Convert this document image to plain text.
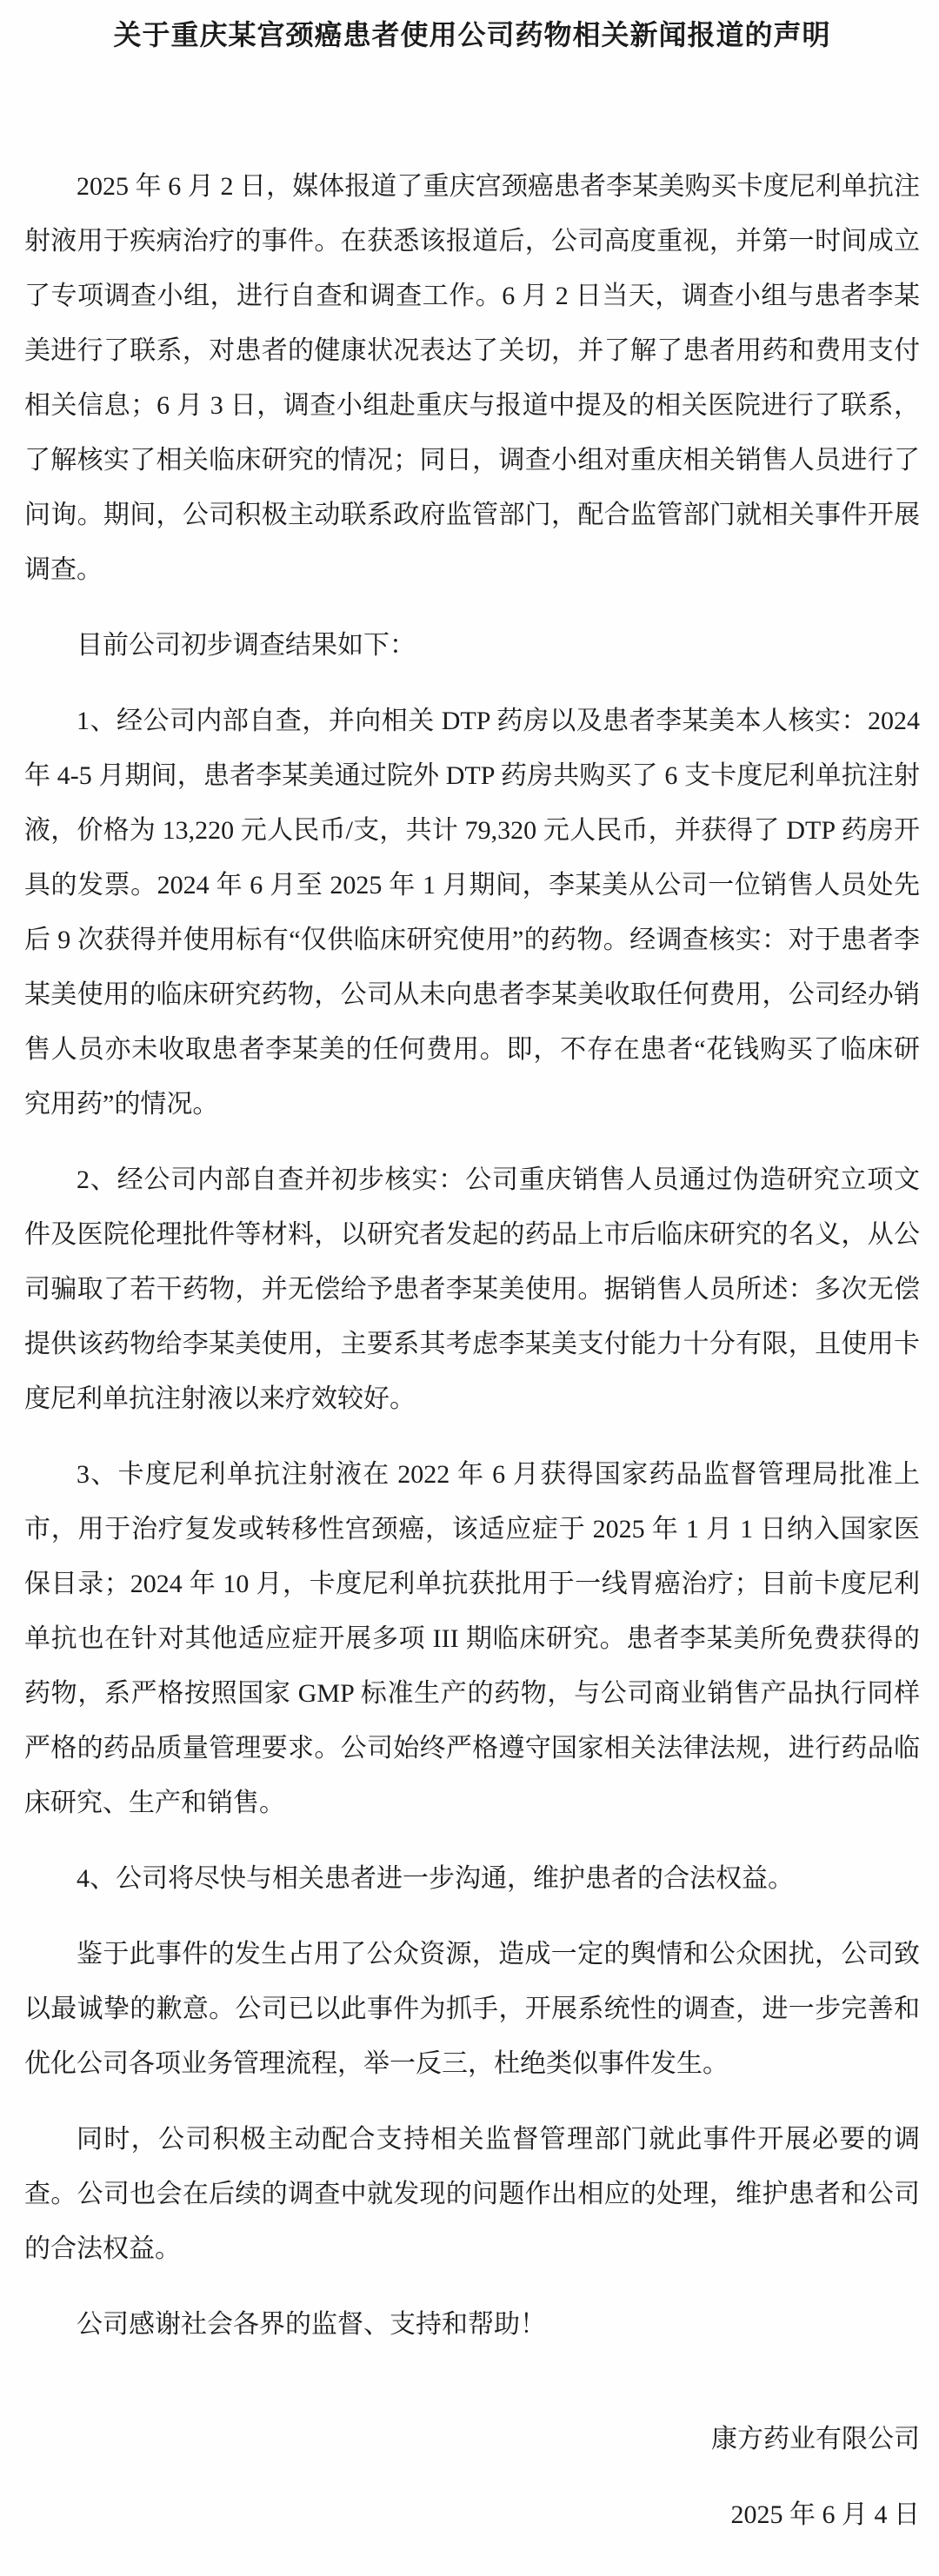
关于重庆某宫颈癌患者使用公司药物相关新闻报道的声明

2025 年 6 月 2 日，媒体报道了重庆宫颈癌患者李某美购买卡度尼利单抗注射液用于疾病治疗的事件。在获悉该报道后，公司高度重视，并第一时间成立了专项调查小组，进行自查和调查工作。6 月 2 日当天，调查小组与患者李某美进行了联系，对患者的健康状况表达了关切，并了解了患者用药和费用支付相关信息；6 月 3 日，调查小组赴重庆与报道中提及的相关医院进行了联系，了解核实了相关临床研究的情况；同日，调查小组对重庆相关销售人员进行了问询。期间，公司积极主动联系政府监管部门，配合监管部门就相关事件开展调查。

目前公司初步调查结果如下：

1、经公司内部自查，并向相关 DTP 药房以及患者李某美本人核实：2024 年 4-5 月期间，患者李某美通过院外 DTP 药房共购买了 6 支卡度尼利单抗注射液，价格为 13,220 元人民币/支，共计 79,320 元人民币，并获得了 DTP 药房开具的发票。2024 年 6 月至 2025 年 1 月期间，李某美从公司一位销售人员处先后 9 次获得并使用标有“仅供临床研究使用”的药物。经调查核实：对于患者李某美使用的临床研究药物，公司从未向患者李某美收取任何费用，公司经办销售人员亦未收取患者李某美的任何费用。即，不存在患者“花钱购买了临床研究用药”的情况。

2、经公司内部自查并初步核实：公司重庆销售人员通过伪造研究立项文件及医院伦理批件等材料，以研究者发起的药品上市后临床研究的名义，从公司骗取了若干药物，并无偿给予患者李某美使用。据销售人员所述：多次无偿提供该药物给李某美使用，主要系其考虑李某美支付能力十分有限，且使用卡度尼利单抗注射液以来疗效较好。

3、卡度尼利单抗注射液在 2022 年 6 月获得国家药品监督管理局批准上市，用于治疗复发或转移性宫颈癌，该适应症于 2025 年 1 月 1 日纳入国家医保目录；2024 年 10 月，卡度尼利单抗获批用于一线胃癌治疗；目前卡度尼利单抗也在针对其他适应症开展多项 III 期临床研究。患者李某美所免费获得的药物，系严格按照国家 GMP 标准生产的药物，与公司商业销售产品执行同样严格的药品质量管理要求。公司始终严格遵守国家相关法律法规，进行药品临床研究、生产和销售。

4、公司将尽快与相关患者进一步沟通，维护患者的合法权益。

鉴于此事件的发生占用了公众资源，造成一定的舆情和公众困扰，公司致以最诚挚的歉意。公司已以此事件为抓手，开展系统性的调查，进一步完善和优化公司各项业务管理流程，举一反三，杜绝类似事件发生。

同时，公司积极主动配合支持相关监督管理部门就此事件开展必要的调查。公司也会在后续的调查中就发现的问题作出相应的处理，维护患者和公司的合法权益。

公司感谢社会各界的监督、支持和帮助！

康方药业有限公司
2025 年 6 月 4 日
